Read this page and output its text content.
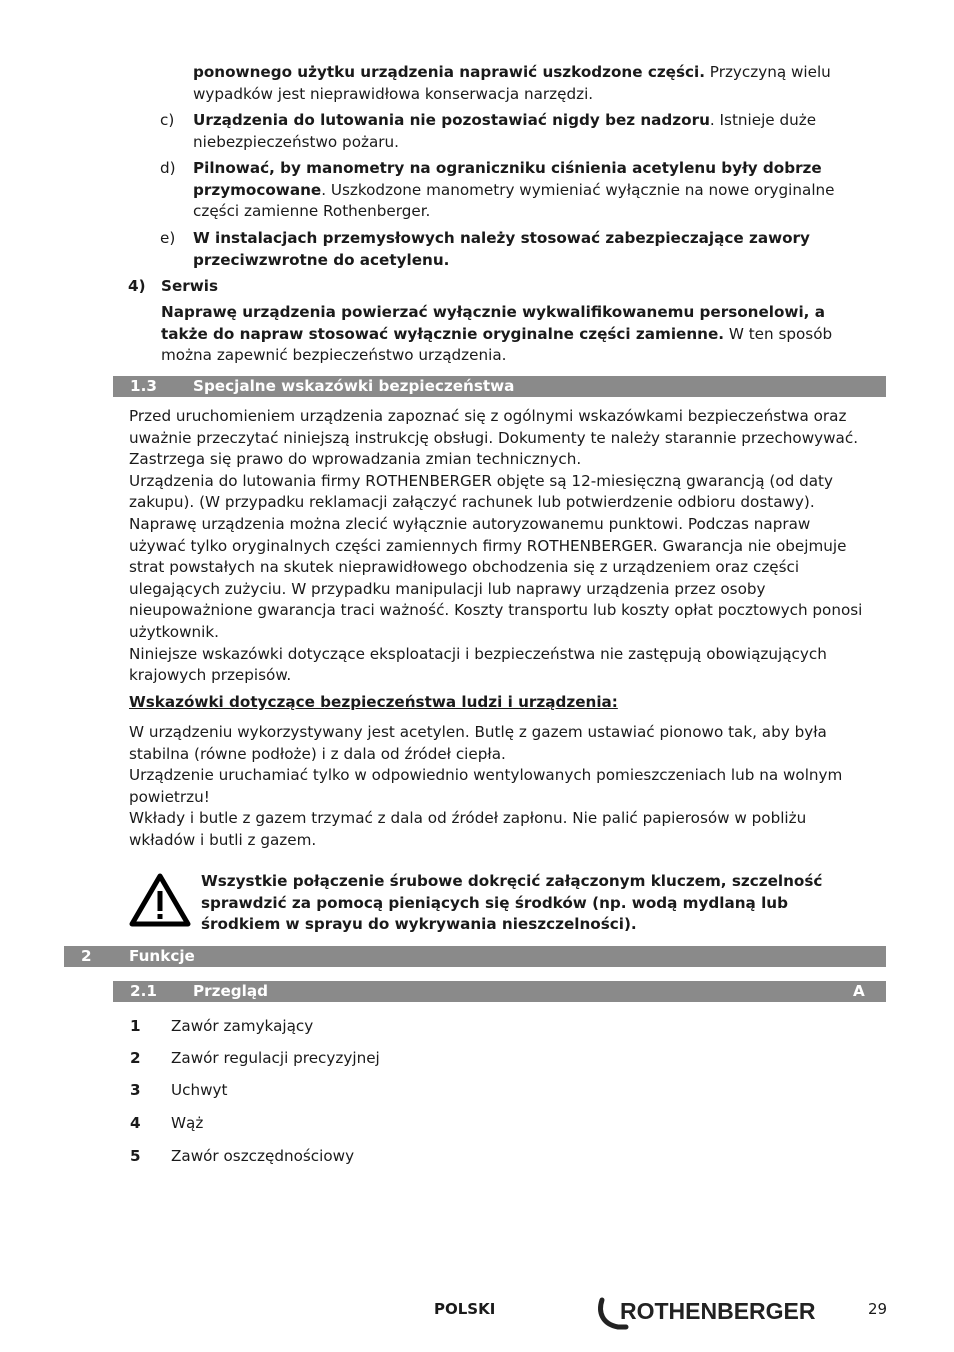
ponownego użytku urządzenia naprawić uszkodzone części. Przyczyną wielu wypadków jest nieprawidłowa konserwacja narzędzi.

c)	Urządzenia do lutowania nie pozostawiać nigdy bez nadzoru. Istnieje duże niebezpieczeństwo pożaru.

d)	Pilnować, by manometry na ograniczniku ciśnienia acetylenu były dobrze przymocowane. Uszkodzone manometry wymieniać wyłącznie na nowe oryginalne części zamienne Rothenberger.

e)	W instalacjach przemysłowych należy stosować zabezpieczające zawory przeciwzwrotne do acetylenu.

4) Serwis

Naprawę urządzenia powierzać wyłącznie wykwalifikowanemu personelowi, a także do napraw stosować wyłącznie oryginalne części zamienne. W ten sposób można zapewnić bezpieczeństwo urządzenia.

1.3 Specjalne wskazówki bezpieczeństwa

Przed uruchomieniem urządzenia zapoznać się z ogólnymi wskazówkami bezpieczeństwa oraz uważnie przeczytać niniejszą instrukcję obsługi. Dokumenty te należy starannie przechowywać. Zastrzega się prawo do wprowadzania zmian technicznych.

Urządzenia do lutowania firmy ROTHENBERGER objęte są 12-miesięczną gwarancją (od daty zakupu). (W przypadku reklamacji załączyć rachunek lub potwierdzenie odbioru dostawy). Naprawę urządzenia można zlecić wyłącznie autoryzowanemu punktowi. Podczas napraw używać tylko oryginalnych części zamiennych firmy ROTHENBERGER. Gwarancja nie obejmuje strat powstałych na skutek nieprawidłowego obchodzenia się z urządzeniem oraz części ulegających zużyciu. W przypadku manipulacji lub naprawy urządzenia przez osoby nieupoważnione gwarancja traci ważność. Koszty transportu lub koszty opłat pocztowych ponosi użytkownik.

Niniejsze wskazówki dotyczące eksploatacji i bezpieczeństwa nie zastępują obowiązujących krajowych przepisów.

Wskazówki dotyczące bezpieczeństwa ludzi i urządzenia:

W urządzeniu wykorzystywany jest acetylen. Butlę z gazem ustawiać pionowo tak, aby była stabilna (równe podłoże) i z dala od źródeł ciepła.

Urządzenie uruchamiać tylko w odpowiednio wentylowanych pomieszczeniach lub na wolnym powietrzu!

Wkłady i butle z gazem trzymać z dala od źródeł zapłonu. Nie palić papierosów w pobliżu wkładów i butli z gazem.

Wszystkie połączenie śrubowe dokręcić załączonym kluczem, szczelność sprawdzić za pomocą pieniących się środków (np. wodą mydlaną lub środkiem w sprayu do wykrywania nieszczelności).

2 Funkcje
2.1 Przegląd	A
1 Zawór zamykający
2 Zawór regulacji precyzyjnej
3 Uchwyt
4 Wąż
5 Zawór oszczędnościowy
POLSKI	ROTHENBERGER	29
